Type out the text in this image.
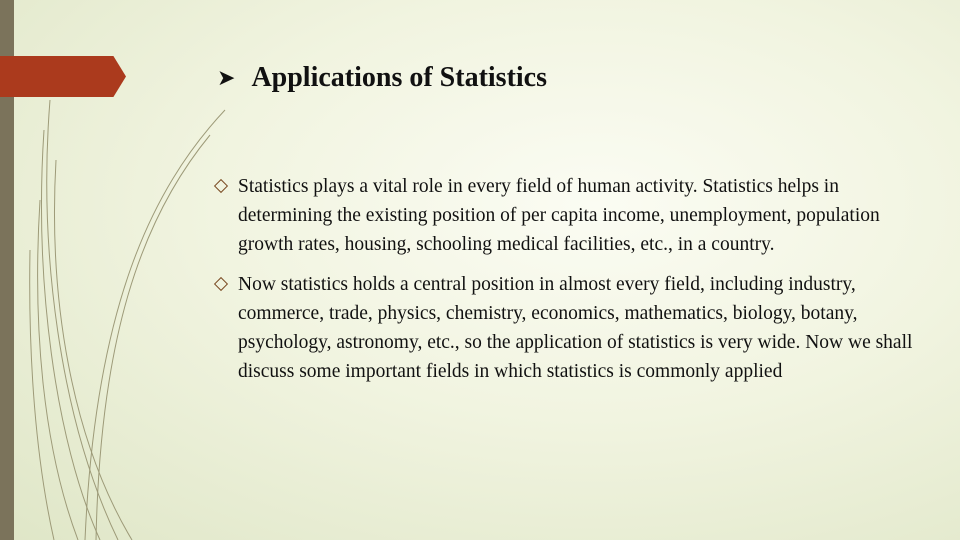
➤ Applications of Statistics
Statistics plays a vital role in every field of human activity. Statistics helps in determining the existing position of per capita income, unemployment, population growth rates, housing, schooling medical facilities, etc., in a country.
Now statistics holds a central position in almost every field, including industry, commerce, trade, physics, chemistry, economics, mathematics, biology, botany, psychology, astronomy, etc., so the application of statistics is very wide. Now we shall discuss some important fields in which statistics is commonly applied
